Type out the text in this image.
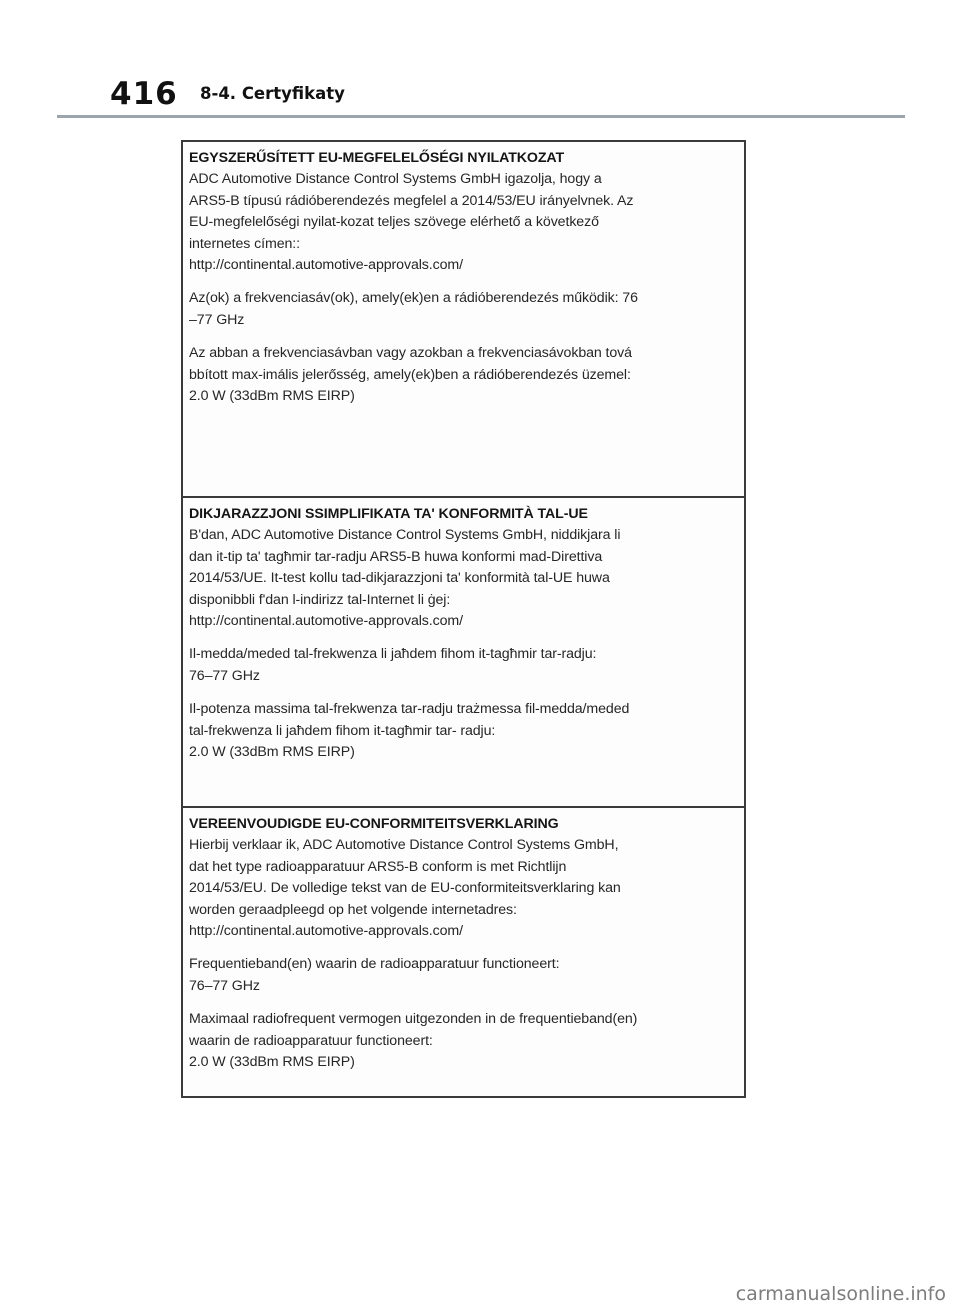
416 8-4. Certyfikaty
EGYSZERŰSÍTETT EU-MEGFELELŐSÉGI NYILATKOZAT
ADC Automotive Distance Control Systems GmbH igazolja, hogy a
ARS5-B típusú rádióberendezés megfelel a 2014/53/EU irányelvnek. Az
EU-megfelelőségi nyilat-kozat teljes szövege elérhető a következő
internetes címen::
http://continental.automotive-approvals.com/
Az(ok) a frekvenciasáv(ok), amely(ek)en a rádióberendezés működik: 76
–77 GHz
Az abban a frekvenciasávban vagy azokban a frekvenciasávokban tová
bbított max-imális jelerősség, amely(ek)ben a rádióberendezés üzemel:
2.0 W (33dBm RMS EIRP)
DIKJARAZZJONI SSIMPLIFIKATA TA' KONFORMITÀ TAL-UE
B'dan, ADC Automotive Distance Control Systems GmbH, niddikjara li
dan it-tip ta' tagħmir tar-radju ARS5-B huwa konformi mad-Direttiva
2014/53/UE. It-test kollu tad-dikjarazzjoni ta' konformità tal-UE huwa
disponibbli f'dan l-indirizz tal-Internet li ġej:
http://continental.automotive-approvals.com/
Il-medda/meded tal-frekwenza li jaħdem fihom it-tagħmir tar-radju:
76–77 GHz
Il-potenza massima tal-frekwenza tar-radju trażmessa fil-medda/meded
tal-frekwenza li jaħdem fihom it-tagħmir tar- radju:
2.0 W (33dBm RMS EIRP)
VEREENVOUDIGDE EU-CONFORMITEITSVERKLARING
Hierbij verklaar ik, ADC Automotive Distance Control Systems GmbH,
dat het type radioapparatuur ARS5-B conform is met Richtlijn
2014/53/EU. De volledige tekst van de EU-conformiteitsverklaring kan
worden geraadpleegd op het volgende internetadres:
http://continental.automotive-approvals.com/
Frequentieband(en) waarin de radioapparatuur functioneert:
76–77 GHz
Maximaal radiofrequent vermogen uitgezonden in de frequentieband(en)
waarin de radioapparatuur functioneert:
2.0 W (33dBm RMS EIRP)
carmanualsonline.info
